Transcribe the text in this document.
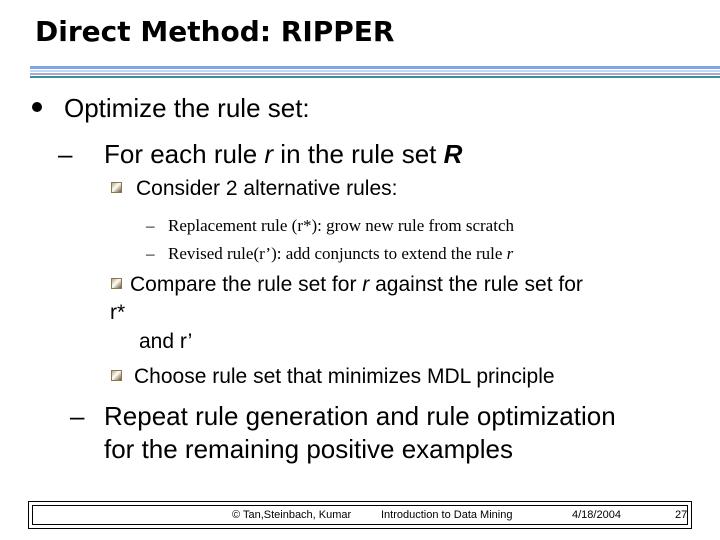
Direct Method: RIPPER
Optimize the rule set:
– For each rule r in the rule set R
Consider 2 alternative rules:
– Replacement rule (r*): grow new rule from scratch
– Revised rule(r’): add conjuncts to extend the rule r
Compare the rule set for r against the rule set for
r*
and r’
Choose rule set that minimizes MDL principle
– Repeat rule generation and rule optimization
for the remaining positive examples
© Tan,Steinbach, Kumar	Introduction to Data Mining	4/18/2004	27
